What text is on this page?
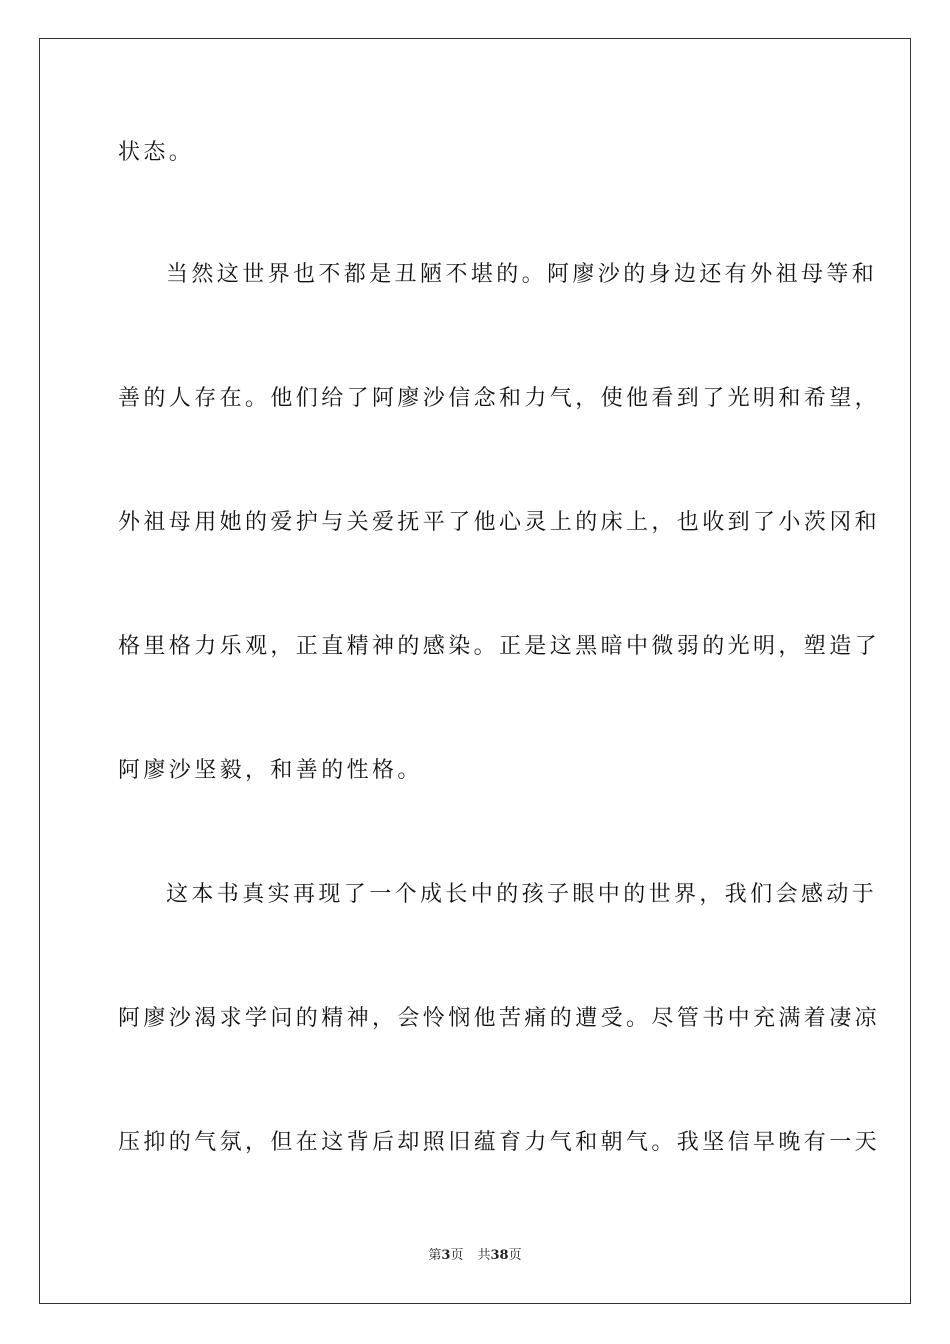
状态。
当然这世界也不都是丑陋不堪的。阿廖沙的身边还有外祖母等和
善的人存在。他们给了阿廖沙信念和力气，使他看到了光明和希望，
外祖母用她的爱护与关爱抚平了他心灵上的床上，也收到了小茨冈和
格里格力乐观，正直精神的感染。正是这黑暗中微弱的光明，塑造了
阿廖沙坚毅，和善的性格。
这本书真实再现了一个成长中的孩子眼中的世界，我们会感动于
阿廖沙渴求学问的精神，会怜悯他苦痛的遭受。尽管书中充满着凄凉
压抑的气氛，但在这背后却照旧蕴育力气和朝气。我坚信早晚有一天
第3页 共38页
